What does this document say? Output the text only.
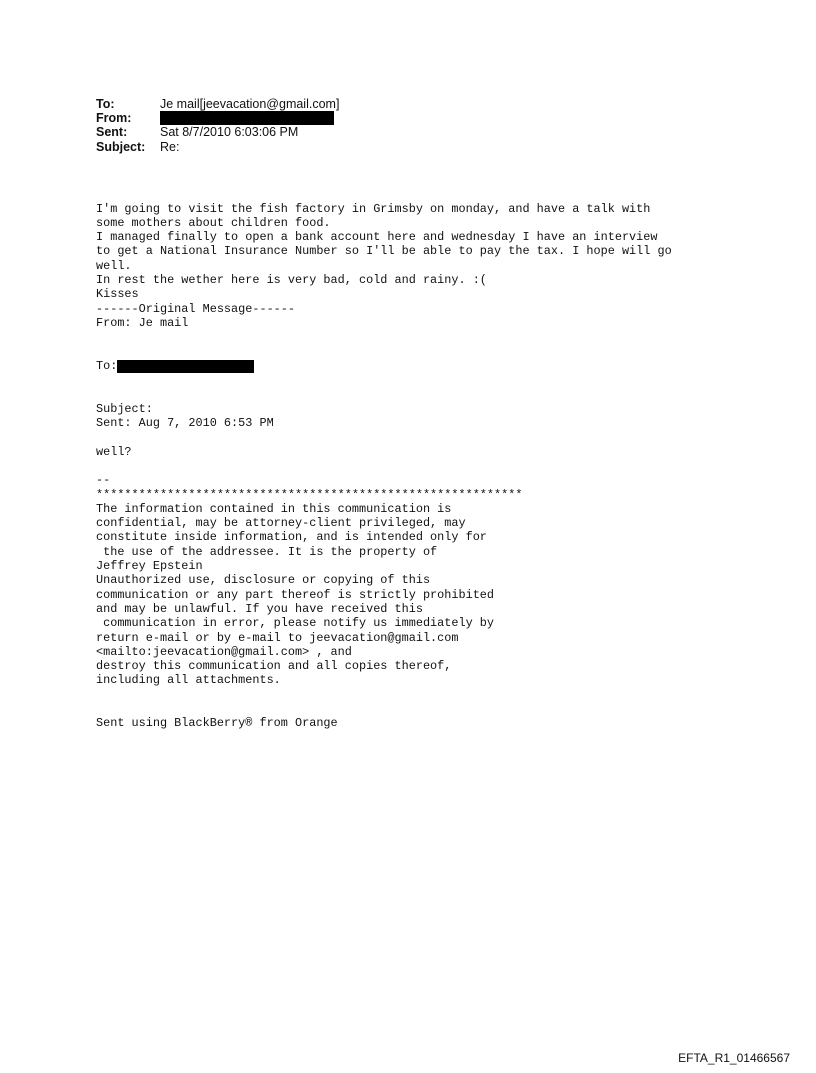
To:	Je mail[jeevacation@gmail.com]
From:
Sent:	Sat 8/7/2010 6:03:06 PM
Subject:	Re:

I'm going to visit the fish factory in Grimsby on monday, and have a talk with
some mothers about children food.
I managed finally to open a bank account here and wednesday I have an interview
to get a National Insurance Number so I'll be able to pay the tax. I hope will go
well.
In rest the wether here is very bad, cold and rainy. :(
Kisses
------Original Message------
From: Je mail

To:

Subject:
Sent: Aug 7, 2010 6:53 PM
well?
--
************************************************************
The information contained in this communication is
confidential, may be attorney-client privileged, may
constitute inside information, and is intended only for
the use of the addressee. It is the property of
Jeffrey Epstein
Unauthorized use, disclosure or copying of this
communication or any part thereof is strictly prohibited
and may be unlawful. If you have received this
communication in error, please notify us immediately by
return e-mail or by e-mail to jeevacation@gmail.com
<mailto:jeevacation@gmail.com> , and
destroy this communication and all copies thereof,
including all attachments.
Sent using BlackBerry® from Orange

EFTA_R1_01466567
